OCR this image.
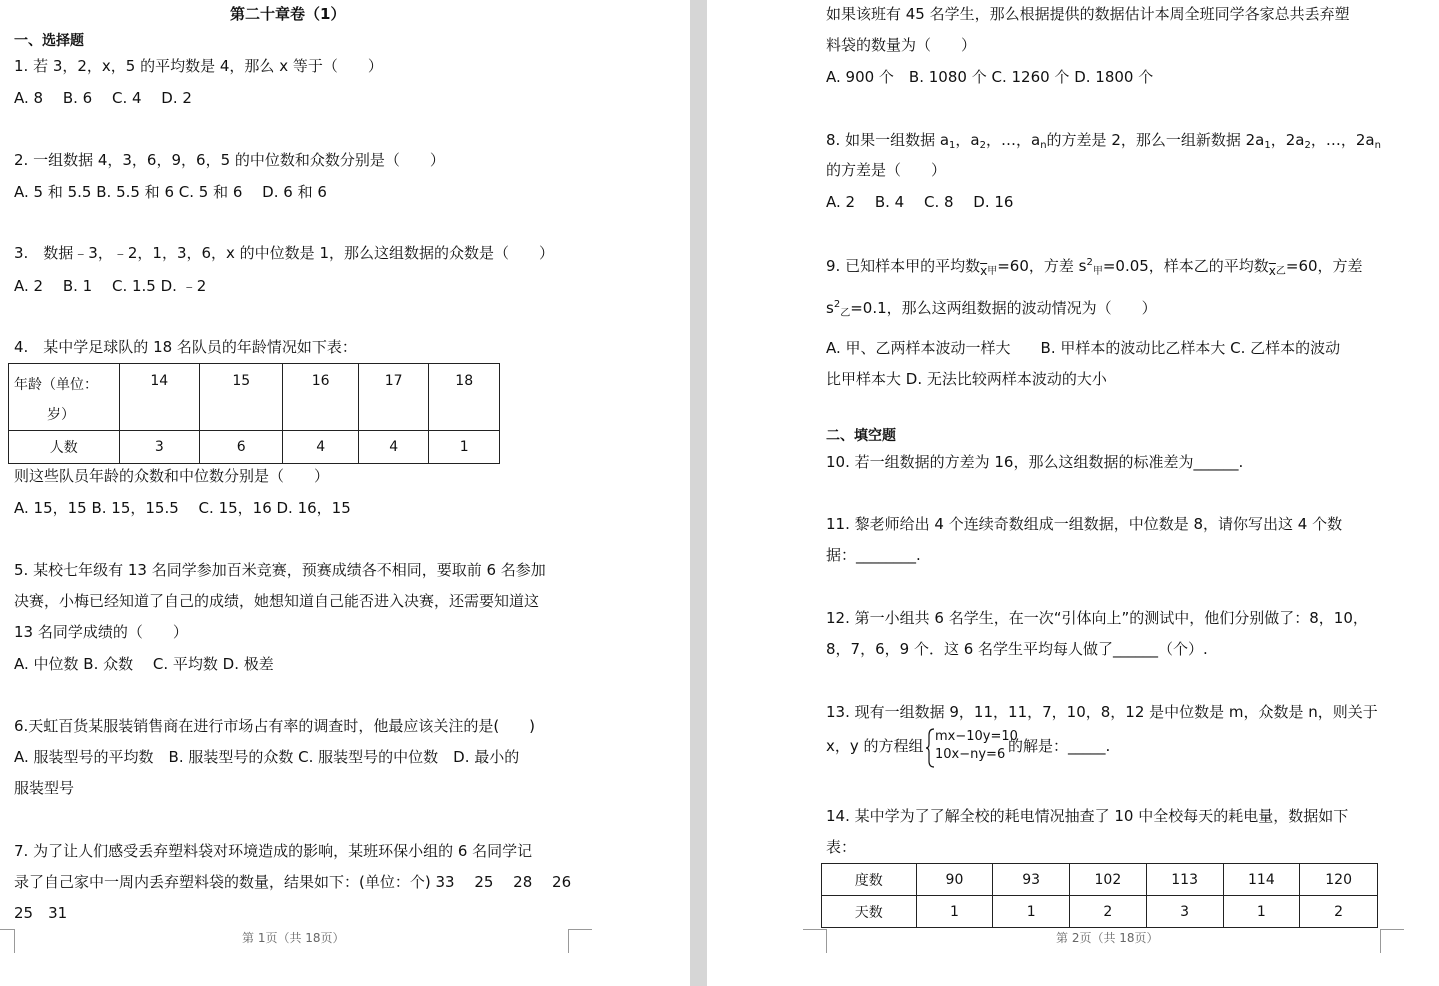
第二十章卷（1）
一、选择题
1. 若 3，2，x，5 的平均数是 4，那么 x 等于（　　）
A. 8　 B. 6　 C. 4　 D. 2
2. 一组数据 4，3，6，9，6，5 的中位数和众数分别是（　　）
A. 5 和 5.5 B. 5.5 和 6 C. 5 和 6　 D. 6 和 6
3.　数据﹣3，﹣2，1，3，6，x 的中位数是 1，那么这组数据的众数是（　　）
A. 2　 B. 1　 C. 1.5 D. ﹣2
4.　某中学足球队的 18 名队员的年龄情况如下表：
年龄（单位：
岁）	14	15	16	17	18
人数	3	6	4	4	1
则这些队员年龄的众数和中位数分别是（　　）
A. 15，15 B. 15，15.5　 C. 15，16 D. 16，15
5. 某校七年级有 13 名同学参加百米竞赛，预赛成绩各不相同，要取前 6 名参加
决赛，小梅已经知道了自己的成绩，她想知道自己能否进入决赛，还需要知道这
13 名同学成绩的（　　）
A. 中位数 B. 众数　 C. 平均数 D. 极差
6.天虹百货某服装销售商在进行市场占有率的调查时，他最应该关注的是(　　)
A. 服装型号的平均数　B. 服装型号的众数 C. 服装型号的中位数　D. 最小的
服装型号
7. 为了让人们感受丢弃塑料袋对环境造成的影响，某班环保小组的 6 名同学记
录了自己家中一周内丢弃塑料袋的数量，结果如下：(单位：个) 33　 25　 28　 26
25　31
第 1页（共 18页）
如果该班有 45 名学生，那么根据提供的数据估计本周全班同学各家总共丢弃塑
料袋的数量为（　　）
A. 900 个　B. 1080 个 C. 1260 个 D. 1800 个
8. 如果一组数据 $a_1$，$a_2$，…，$a_n$的方差是 2，那么一组新数据 $2a_1$，$2a_2$，…，$2a_n$
的方差是（　　）
A. 2　 B. 4　 C. 8　 D. 16
9. 已知样本甲的平均数$_{\overline{x}甲}$=60，方差 $s^2_甲=0.05$，样本乙的平均数$_{\overline{x}乙}$=60，方差
$s^2_乙=0.1$，那么这两组数据的波动情况为（　　）
A. 甲、乙两样本波动一样大　　B. 甲样本的波动比乙样本大 C. 乙样本的波动
比甲样本大 D. 无法比较两样本波动的大小
二、填空题
10. 若一组数据的方差为 16，那么这组数据的标准差为______.
11. 黎老师给出 4 个连续奇数组成一组数据，中位数是 8，请你写出这 4 个数
据：________.
12. 第一小组共 6 名学生，在一次“引体向上”的测试中，他们分别做了：8，10，
8，7，6，9 个．这 6 名学生平均每人做了______（个）.
13. 现有一组数据 9，11，11，7，10，8，12 是中位数是 m，众数是 n，则关于
x，y 的方程组
mx−10y=10
10x−ny=6 的解是：_____.
14. 某中学为了了解全校的耗电情况抽查了 10 中全校每天的耗电量，数据如下
表：
度数	90	93	102	113	114	120
天数	1	1	2	3	1	2
第 2页（共 18页）
